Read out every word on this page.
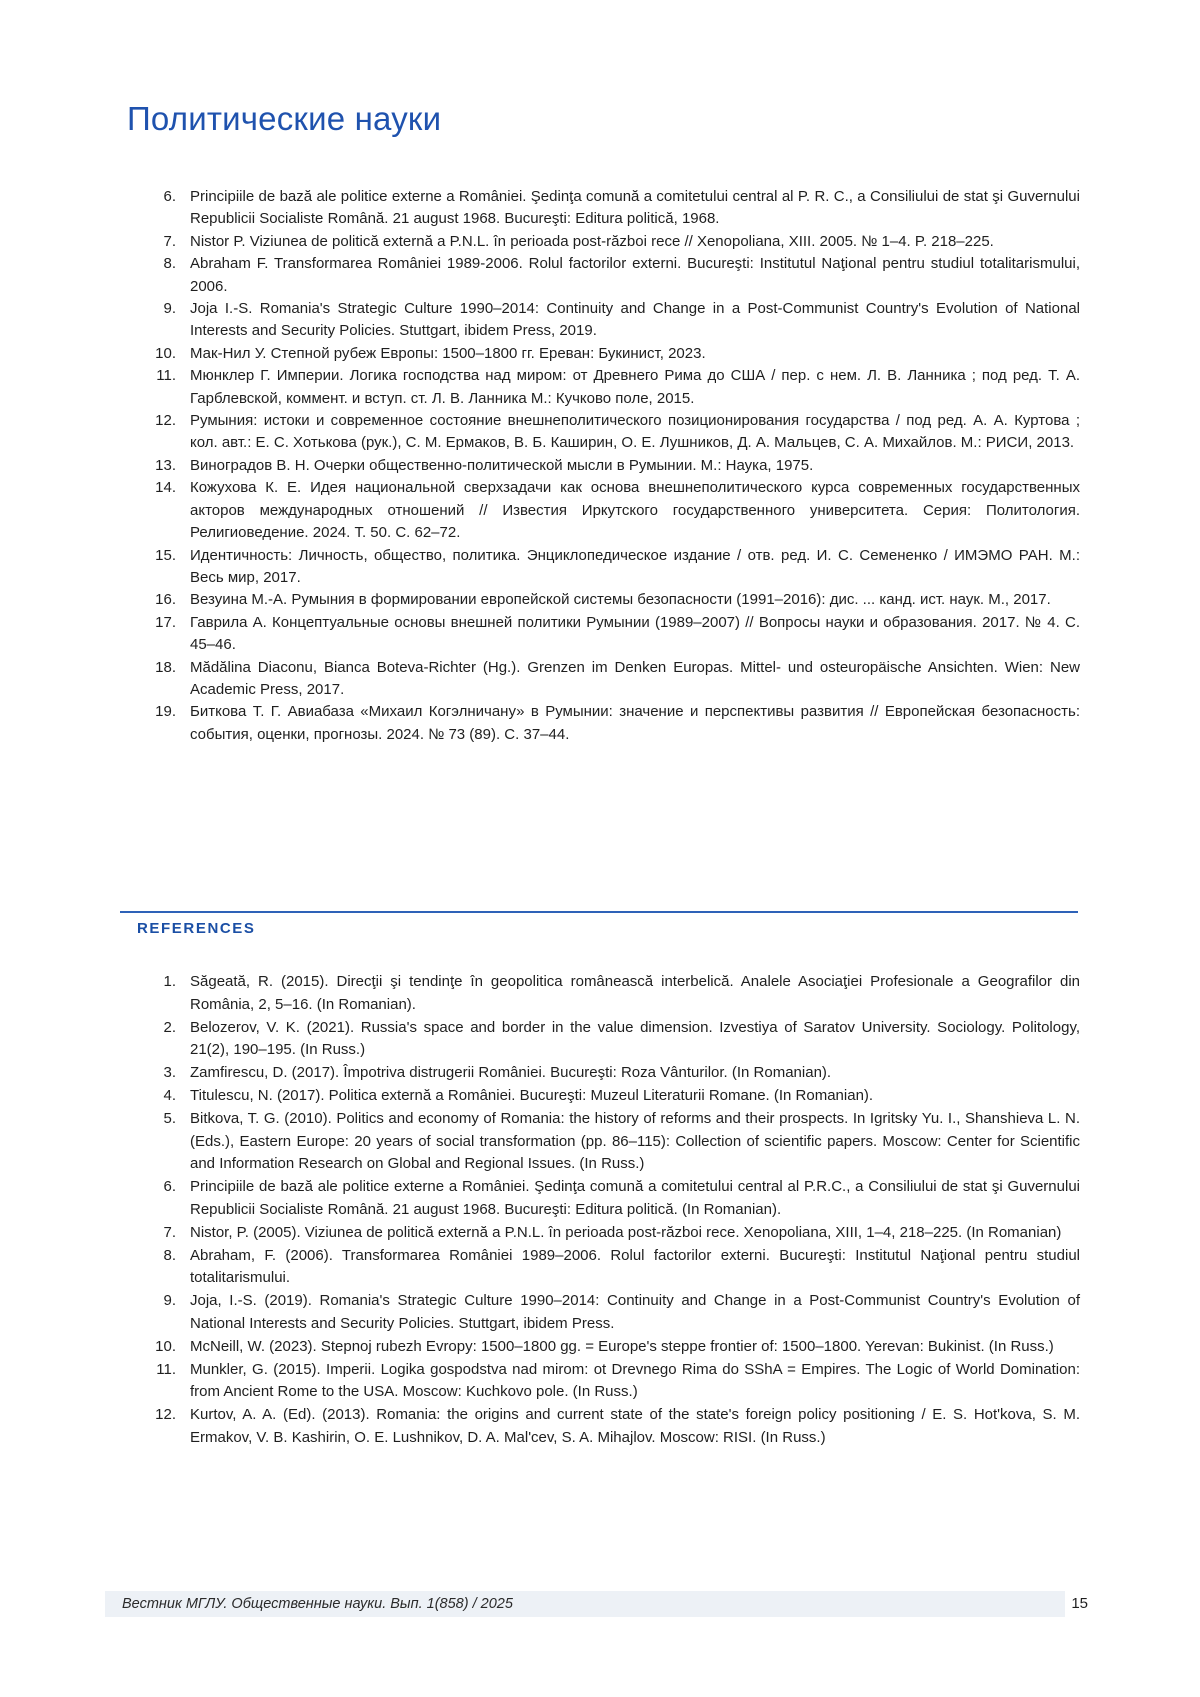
Политические науки
6. Principiile de bază ale politice externe a României. Şedinţa comună a comitetului central al P. R. C., a Consiliului de stat şi Guvernului Republicii Socialiste Română. 21 august 1968. Bucureşti: Editura politică, 1968.
7. Nistor P. Viziunea de politică externă a P.N.L. în perioada post-război rece // Xenopoliana, XIII. 2005. № 1–4. P. 218–225.
8. Abraham F. Transformarea României 1989-2006. Rolul factorilor externi. Bucureşti: Institutul Naţional pentru studiul totalitarismului, 2006.
9. Joja I.-S. Romania's Strategic Culture 1990–2014: Continuity and Change in a Post-Communist Country's Evolution of National Interests and Security Policies. Stuttgart, ibidem Press, 2019.
10. Мак-Нил У. Степной рубеж Европы: 1500–1800 гг. Ереван: Букинист, 2023.
11. Мюнклер Г. Империи. Логика господства над миром: от Древнего Рима до США / пер. с нем. Л. В. Ланника ; под ред. Т. А. Гарблевской, коммент. и вступ. ст. Л. В. Ланника М.: Кучково поле, 2015.
12. Румыния: истоки и современное состояние внешнеполитического позиционирования государства / под ред. А. А. Куртова ; кол. авт.: Е. С. Хотькова (рук.), С. М. Ермаков, В. Б. Каширин, О. Е. Лушников, Д. А. Мальцев, С. А. Михайлов. М.: РИСИ, 2013.
13. Виноградов В. Н. Очерки общественно-политической мысли в Румынии. М.: Наука, 1975.
14. Кожухова К. Е. Идея национальной сверхзадачи как основа внешнеполитического курса современных государственных акторов международных отношений // Известия Иркутского государственного университета. Серия: Политология. Религиоведение. 2024. Т. 50. С. 62–72.
15. Идентичность: Личность, общество, политика. Энциклопедическое издание / отв. ред. И. С. Семененко / ИМЭМО РАН. М.: Весь мир, 2017.
16. Везуина М.-А. Румыния в формировании европейской системы безопасности (1991–2016): дис. ... канд. ист. наук. М., 2017.
17. Гаврила А. Концептуальные основы внешней политики Румынии (1989–2007) // Вопросы науки и образования. 2017. № 4. С. 45–46.
18. Mădălina Diaconu, Bianca Boteva-Richter (Hg.). Grenzen im Denken Europas. Mittel- und osteuropäische Ansichten. Wien: New Academic Press, 2017.
19. Биткова Т. Г. Авиабаза «Михаил Когэлничану» в Румынии: значение и перспективы развития // Европейская безопасность: события, оценки, прогнозы. 2024. № 73 (89). С. 37–44.
REFERENCES
1. Săgeată, R. (2015). Direcţii şi tendinţe în geopolitica românească interbelică. Analele Asociaţiei Profesionale a Geografilor din România, 2, 5–16. (In Romanian).
2. Belozerov, V. K. (2021). Russia's space and border in the value dimension. Izvestiya of Saratov University. Sociology. Politology, 21(2), 190–195. (In Russ.)
3. Zamfirescu, D. (2017). Împotriva distrugerii României. Bucureşti: Roza Vânturilor. (In Romanian).
4. Titulescu, N. (2017). Politica externă a României. Bucureşti: Muzeul Literaturii Romane. (In Romanian).
5. Bitkova, T. G. (2010). Politics and economy of Romania: the history of reforms and their prospects. In Igritsky Yu. I., Shanshieva L. N. (Eds.), Eastern Europe: 20 years of social transformation (pp. 86–115): Collection of scientific papers. Moscow: Center for Scientific and Information Research on Global and Regional Issues. (In Russ.)
6. Principiile de bază ale politice externe a României. Şedinţa comună a comitetului central al P.R.C., a Consiliului de stat şi Guvernului Republicii Socialiste Română. 21 august 1968. Bucureşti: Editura politică. (In Romanian).
7. Nistor, P. (2005). Viziunea de politică externă a P.N.L. în perioada post-război rece. Xenopoliana, XIII, 1–4, 218–225. (In Romanian)
8. Abraham, F. (2006). Transformarea României 1989–2006. Rolul factorilor externi. Bucureşti: Institutul Naţional pentru studiul totalitarismului.
9. Joja, I.-S. (2019). Romania's Strategic Culture 1990–2014: Continuity and Change in a Post-Communist Country's Evolution of National Interests and Security Policies. Stuttgart, ibidem Press.
10. McNeill, W. (2023). Stepnoj rubezh Evropy: 1500–1800 gg. = Europe's steppe frontier of: 1500–1800. Yerevan: Bukinist. (In Russ.)
11. Munkler, G. (2015). Imperii. Logika gospodstva nad mirom: ot Drevnego Rima do SShA = Empires. The Logic of World Domination: from Ancient Rome to the USA. Moscow: Kuchkovo pole. (In Russ.)
12. Kurtov, A. A. (Ed). (2013). Romania: the origins and current state of the state's foreign policy positioning / E. S. Hot'kova, S. M. Ermakov, V. B. Kashirin, O. E. Lushnikov, D. A. Mal'cev, S. A. Mihajlov. Moscow: RISI. (In Russ.)
Вестник МГЛУ. Общественные науки. Вып. 1(858) / 2025	15
